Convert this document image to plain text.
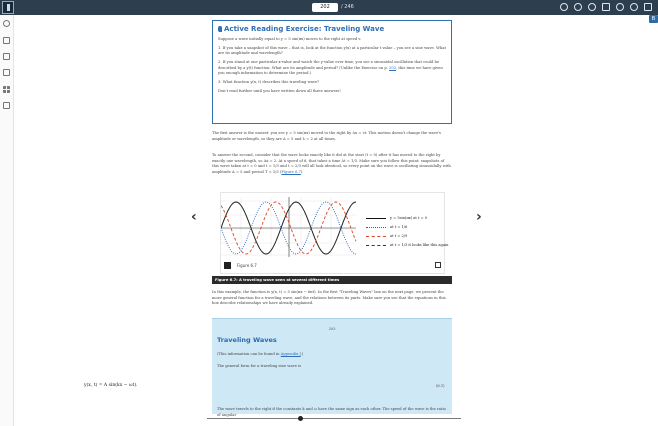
202	/ 246
B
‹	›
Active Reading Exercise: Traveling Wave
Suppose a wave initially equal to y = 5 sin(πx) moves to the right at speed v.
1. If you take a snapshot of this wave – that is, look at the function y(x) at a particular t value – you see a sine wave. What are its amplitude and wavelength?
2. If you stand at one particular x-value and watch the y-value over time, you see a sinusoidal oscillation that could be described by a y(t) function. What are its amplitude and period? (Unlike the Exercise on p. 202, this time we have given you enough information to determine the period.)
3. What function y(x, t) describes this traveling wave?
Don't read further until you have written down all three answers!
The first answer is the easiest: you see y = 5 sin(πx) moved to the right by Δx = vt. This motion doesn't change the wave's amplitude or wavelength, so they are A = 5 and λ = 2 at all times.
To answer the second, consider that the wave looks exactly like it did at the start (t = 0) after it has moved to the right by exactly one wavelength, so Δx = 2. At a speed of 6, that takes a time Δt = 1/3. Make sure you follow this point: snapshots of this wave taken at t = 0 and t = 1/3 and t = 2/3 will all look identical, so every point on the wave is oscillating sinusoidally with amplitude A = 5 and period T = 1/3 (Figure 6.7).
y = 5sin(πx) at t = 0
at t = 1/6
at t = 2/9
at t = 1/3 it looks like this again
Figure 6.7
Figure 6.7: A traveling wave seen at several different times
In this example, the function is y(x, t) = 5 sin(πx − 6πt). In the first "Traveling Waves" box on the next page, we present the more general function for a traveling wave, and the relations between its parts. Make sure you see that the equations in this box describe relationships we have already explained.
203
Traveling Waves
(This information can be found in Appendix J.)
The general form for a traveling sine wave is
The wave travels to the right if the constants k and ω have the same sign as each other. The speed of the wave is the ratio of angular
y(x, t) = A sin(kx − ωt).	(6.1)
